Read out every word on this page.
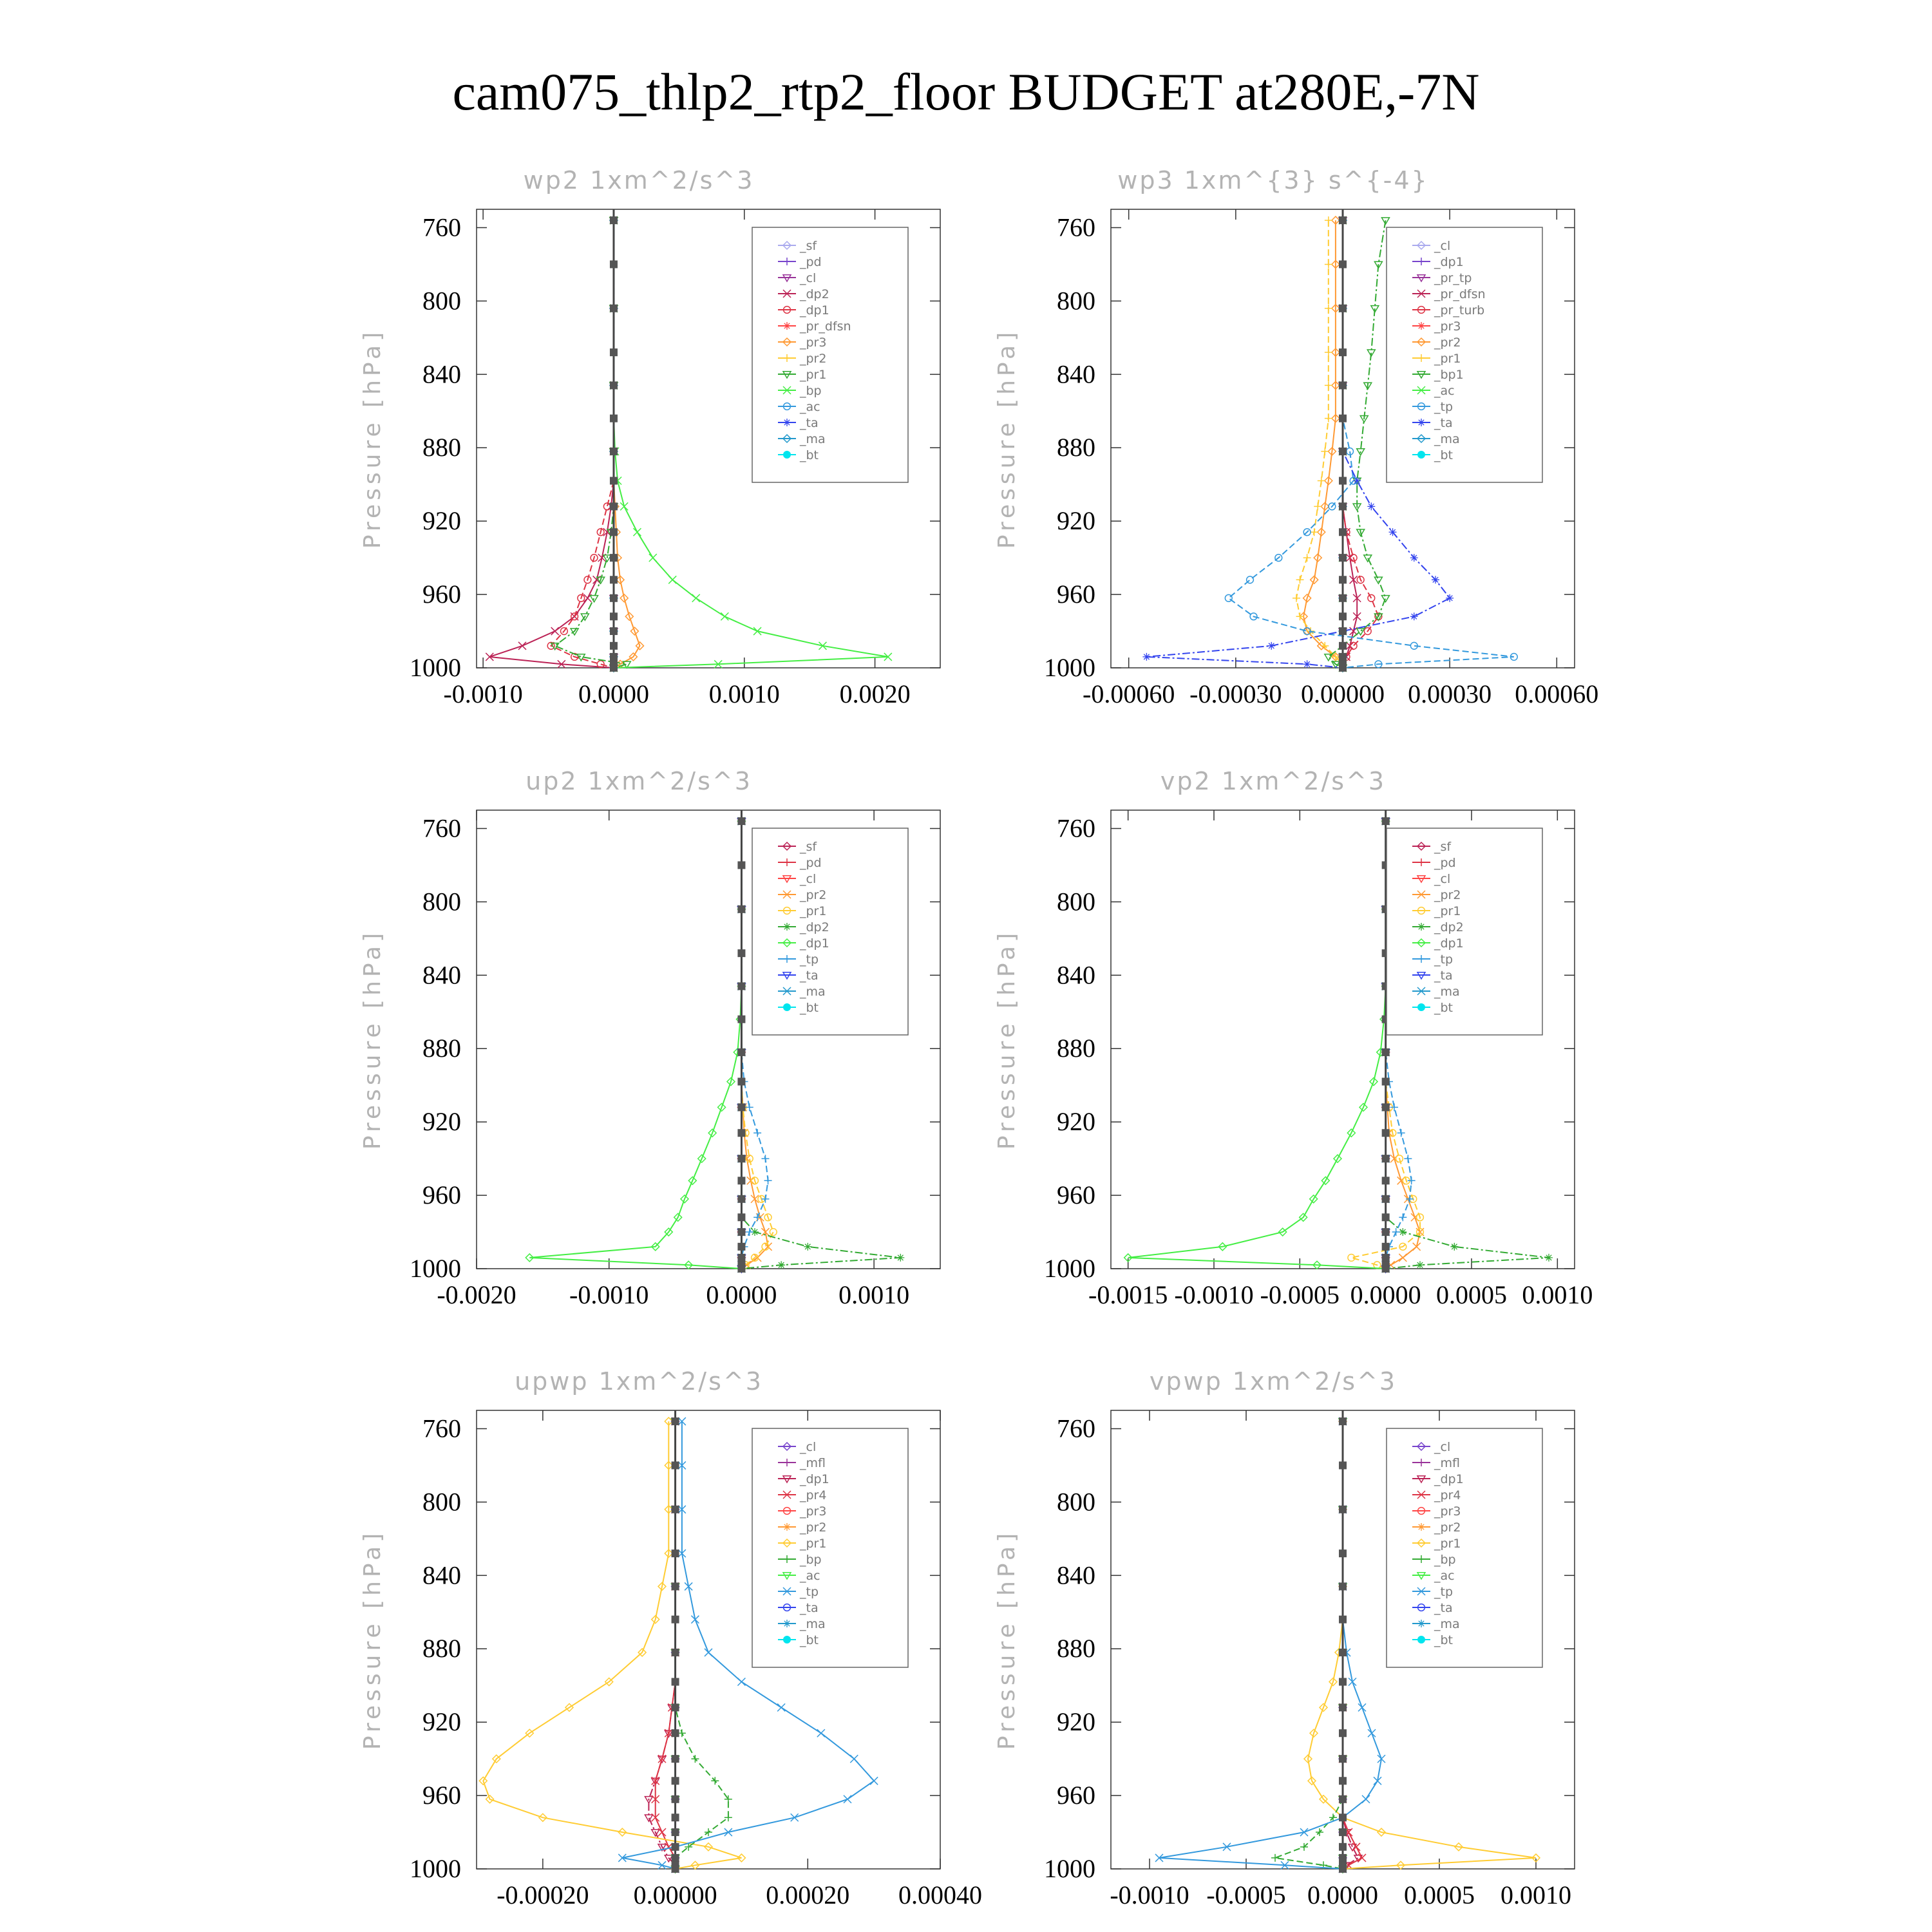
cam075_thlp2_rtp2_floor BUDGET at280E,-7N
wp2 1xm^2/s^3
Pressure [hPa]
760
800
840
880
920
960
1000
-0.0010 0.0000 0.0010 0.0020
_sf
_pd
_cl
_dp2
_dp1
_pr_dfsn
_pr3
_pr2
_pr1
_bp
_ac
_ta
_ma
_bt
wp3 1xm^{3} s^{-4}
Pressure [hPa]
760
800
840
880
920
960
1000
-0.00060 -0.00030 0.00000 0.00030 0.00060
_cl
_dp1
_pr_tp
_pr_dfsn
_pr_turb
_pr3
_pr2
_pr1
_bp1
_ac
_tp
_ta
_ma
_bt
up2 1xm^2/s^3
Pressure [hPa]
760
800
840
880
920
960
1000
-0.0020 -0.0010 0.0000 0.0010
_sf
_pd
_cl
_pr2
_pr1
_dp2
_dp1
_tp
_ta
_ma
_bt
vp2 1xm^2/s^3
Pressure [hPa]
760
800
840
880
920
960
1000
-0.0015 -0.0010 -0.0005 0.0000 0.0005 0.0010
_sf
_pd
_cl
_pr2
_pr1
_dp2
_dp1
_tp
_ta
_ma
_bt
upwp 1xm^2/s^3
Pressure [hPa]
760
800
840
880
920
960
1000
-0.00020 0.00000 0.00020 0.00040
_cl
_mfl
_dp1
_pr4
_pr3
_pr2
_pr1
_bp
_ac
_tp
_ta
_ma
_bt
vpwp 1xm^2/s^3
Pressure [hPa]
760
800
840
880
920
960
1000
-0.0010 -0.0005 0.0000 0.0005 0.0010
_cl
_mfl
_dp1
_pr4
_pr3
_pr2
_pr1
_bp
_ac
_tp
_ta
_ma
_bt
